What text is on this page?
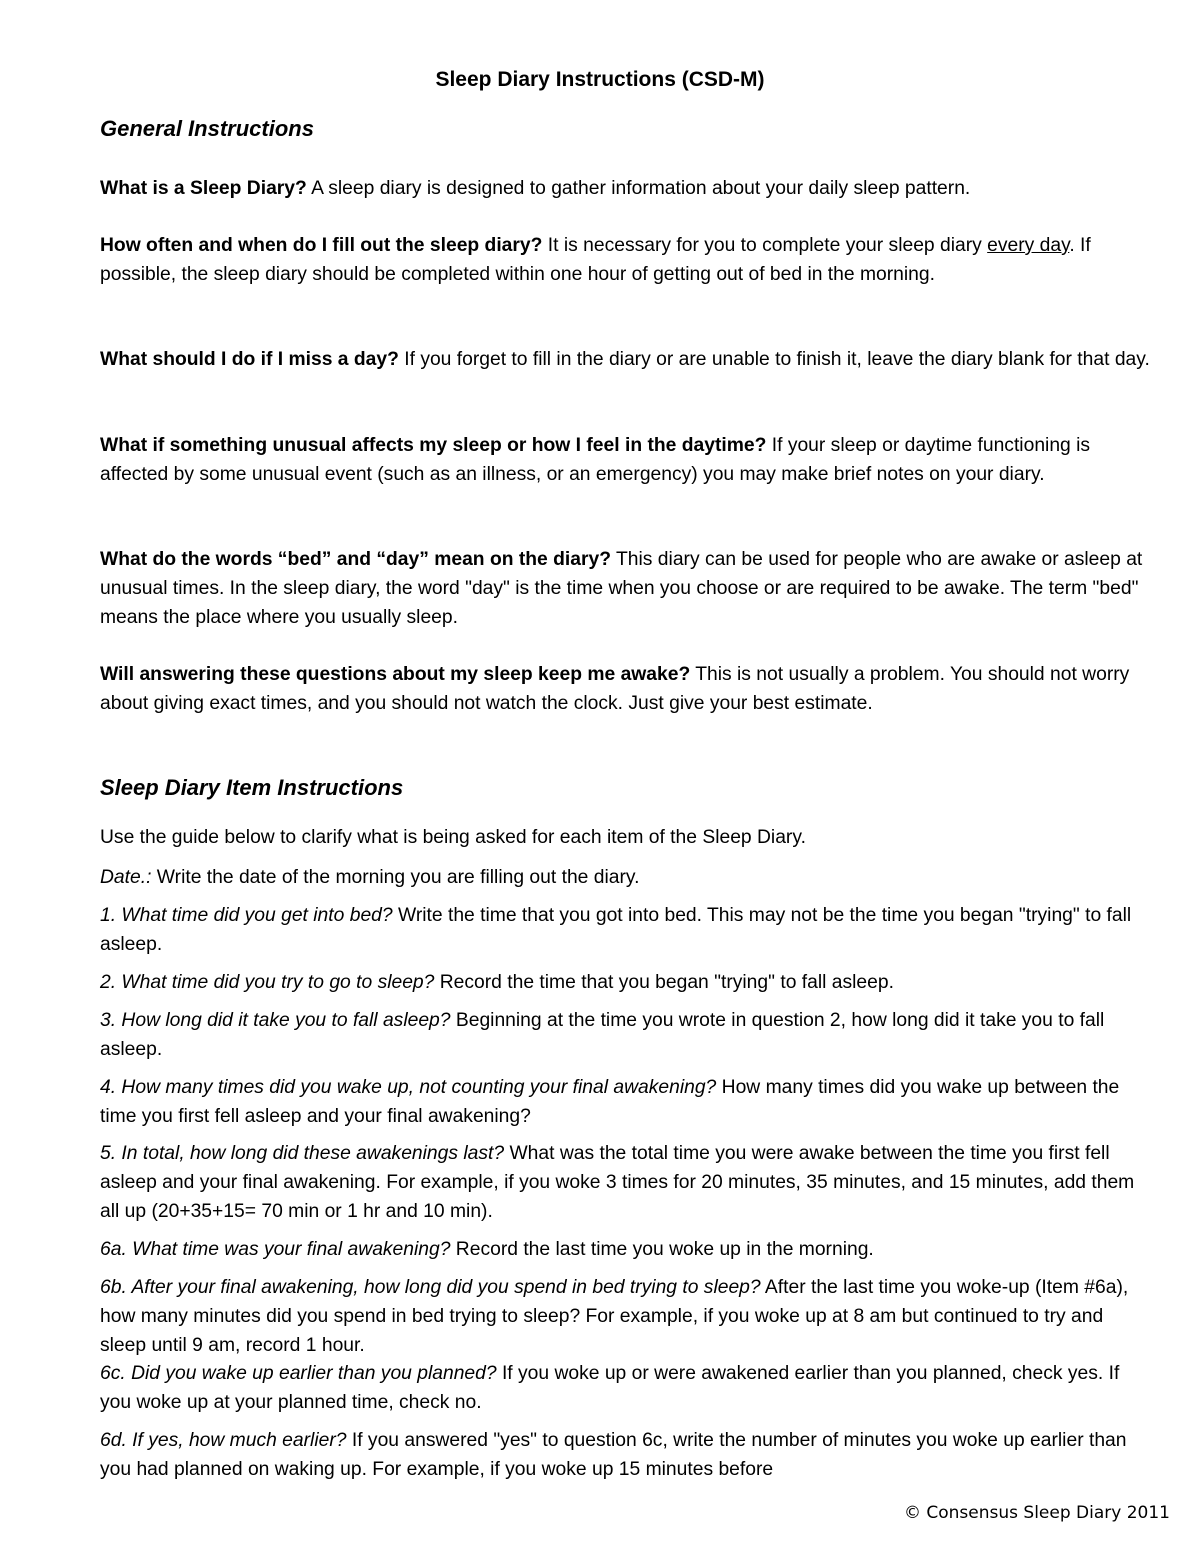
Sleep Diary Instructions (CSD-M)
General Instructions
What is a Sleep Diary? A sleep diary is designed to gather information about your daily sleep pattern.
How often and when do I fill out the sleep diary? It is necessary for you to complete your sleep diary every day. If possible, the sleep diary should be completed within one hour of getting out of bed in the morning.
What should I do if I miss a day? If you forget to fill in the diary or are unable to finish it, leave the diary blank for that day.
What if something unusual affects my sleep or how I feel in the daytime? If your sleep or daytime functioning is affected by some unusual event (such as an illness, or an emergency) you may make brief notes on your diary.
What do the words “bed” and “day” mean on the diary? This diary can be used for people who are awake or asleep at unusual times. In the sleep diary, the word "day" is the time when you choose or are required to be awake. The term "bed" means the place where you usually sleep.
Will answering these questions about my sleep keep me awake? This is not usually a problem. You should not worry about giving exact times, and you should not watch the clock. Just give your best estimate.
Sleep Diary Item Instructions
Use the guide below to clarify what is being asked for each item of the Sleep Diary.
Date.: Write the date of the morning you are filling out the diary.
1. What time did you get into bed? Write the time that you got into bed. This may not be the time you began "trying" to fall asleep.
2. What time did you try to go to sleep? Record the time that you began "trying" to fall asleep.
3. How long did it take you to fall asleep? Beginning at the time you wrote in question 2, how long did it take you to fall asleep.
4. How many times did you wake up, not counting your final awakening? How many times did you wake up between the time you first fell asleep and your final awakening?
5. In total, how long did these awakenings last? What was the total time you were awake between the time you first fell asleep and your final awakening. For example, if you woke 3 times for 20 minutes, 35 minutes, and 15 minutes, add them all up (20+35+15= 70 min or 1 hr and 10 min).
6a. What time was your final awakening? Record the last time you woke up in the morning.
6b. After your final awakening, how long did you spend in bed trying to sleep? After the last time you woke-up (Item #6a), how many minutes did you spend in bed trying to sleep? For example, if you woke up at 8 am but continued to try and sleep until 9 am, record 1 hour.
6c. Did you wake up earlier than you planned? If you woke up or were awakened earlier than you planned, check yes. If you woke up at your planned time, check no.
6d. If yes, how much earlier? If you answered "yes" to question 6c, write the number of minutes you woke up earlier than you had planned on waking up. For example, if you woke up 15 minutes before
© Consensus Sleep Diary 2011
